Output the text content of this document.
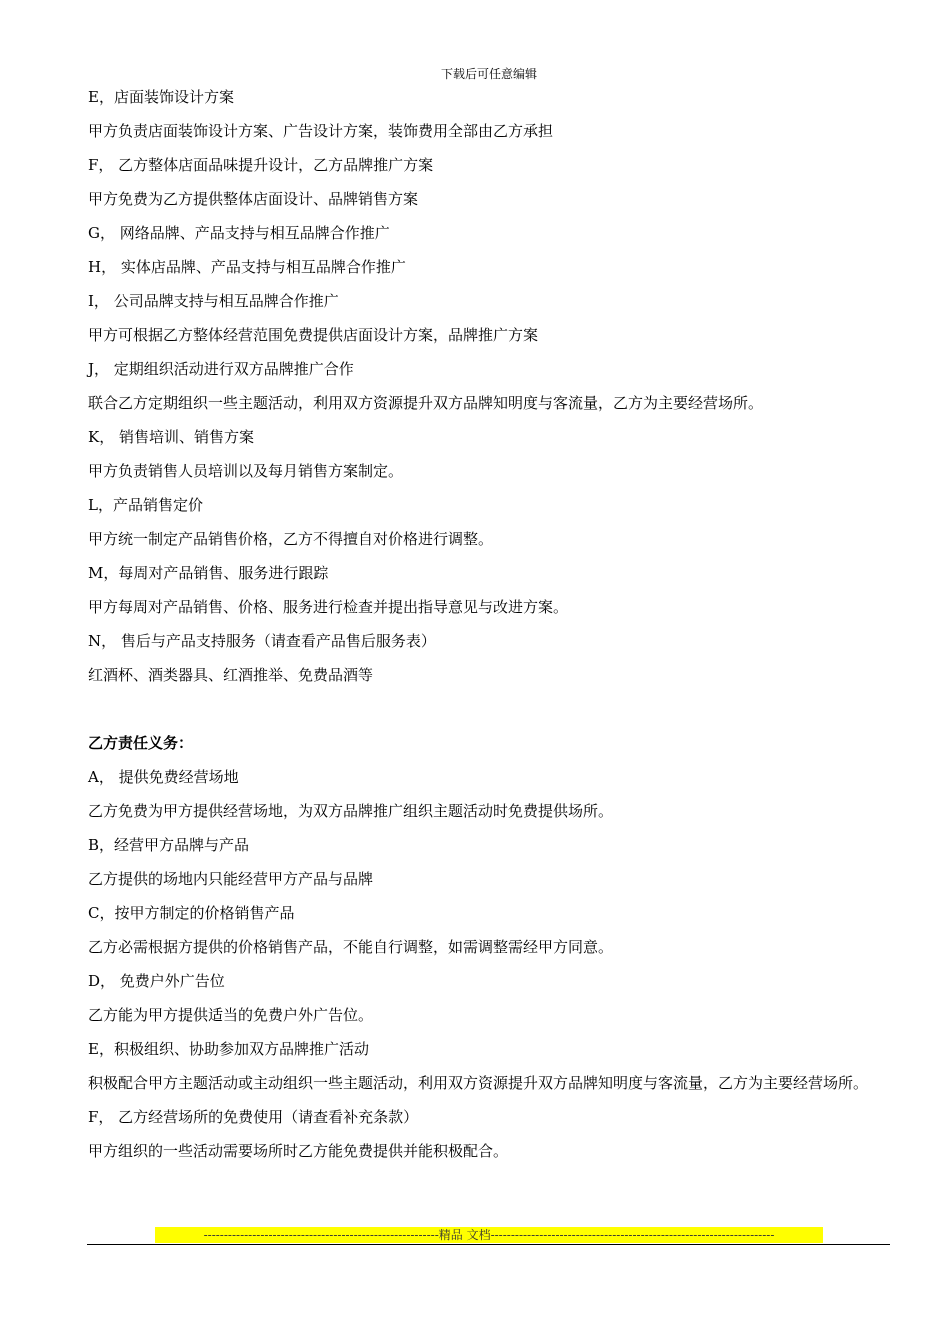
下载后可任意编辑
E，店面装饰设计方案
甲方负责店面装饰设计方案、广告设计方案，装饰费用全部由乙方承担
F， 乙方整体店面品味提升设计，乙方品牌推广方案
甲方免费为乙方提供整体店面设计、品牌销售方案
G， 网络品牌、产品支持与相互品牌合作推广
H， 实体店品牌、产品支持与相互品牌合作推广
I， 公司品牌支持与相互品牌合作推广
甲方可根据乙方整体经营范围免费提供店面设计方案，品牌推广方案
J， 定期组织活动进行双方品牌推广合作
联合乙方定期组织一些主题活动，利用双方资源提升双方品牌知明度与客流量，乙方为主要经营场所。
K， 销售培训、销售方案
甲方负责销售人员培训以及每月销售方案制定。
L，产品销售定价
甲方统一制定产品销售价格，乙方不得擅自对价格进行调整。
M，每周对产品销售、服务进行跟踪
甲方每周对产品销售、价格、服务进行检查并提出指导意见与改进方案。
N， 售后与产品支持服务（请查看产品售后服务表）
红酒杯、酒类器具、红酒推举、免费品酒等
乙方责任义务：
A， 提供免费经营场地
乙方免费为甲方提供经营场地，为双方品牌推广组织主题活动时免费提供场所。
B，经营甲方品牌与产品
乙方提供的场地内只能经营甲方产品与品牌
C，按甲方制定的价格销售产品
乙方必需根据方提供的价格销售产品，不能自行调整，如需调整需经甲方同意。
D， 免费户外广告位
乙方能为甲方提供适当的免费户外广告位。
E，积极组织、协助参加双方品牌推广活动
积极配合甲方主题活动或主动组织一些主题活动，利用双方资源提升双方品牌知明度与客流量，乙方为主要经营场所。
F， 乙方经营场所的免费使用（请查看补充条款）
甲方组织的一些活动需要场所时乙方能免费提供并能积极配合。
----------------------------------------------------------精品 文档----------------------------------------------------------------------
